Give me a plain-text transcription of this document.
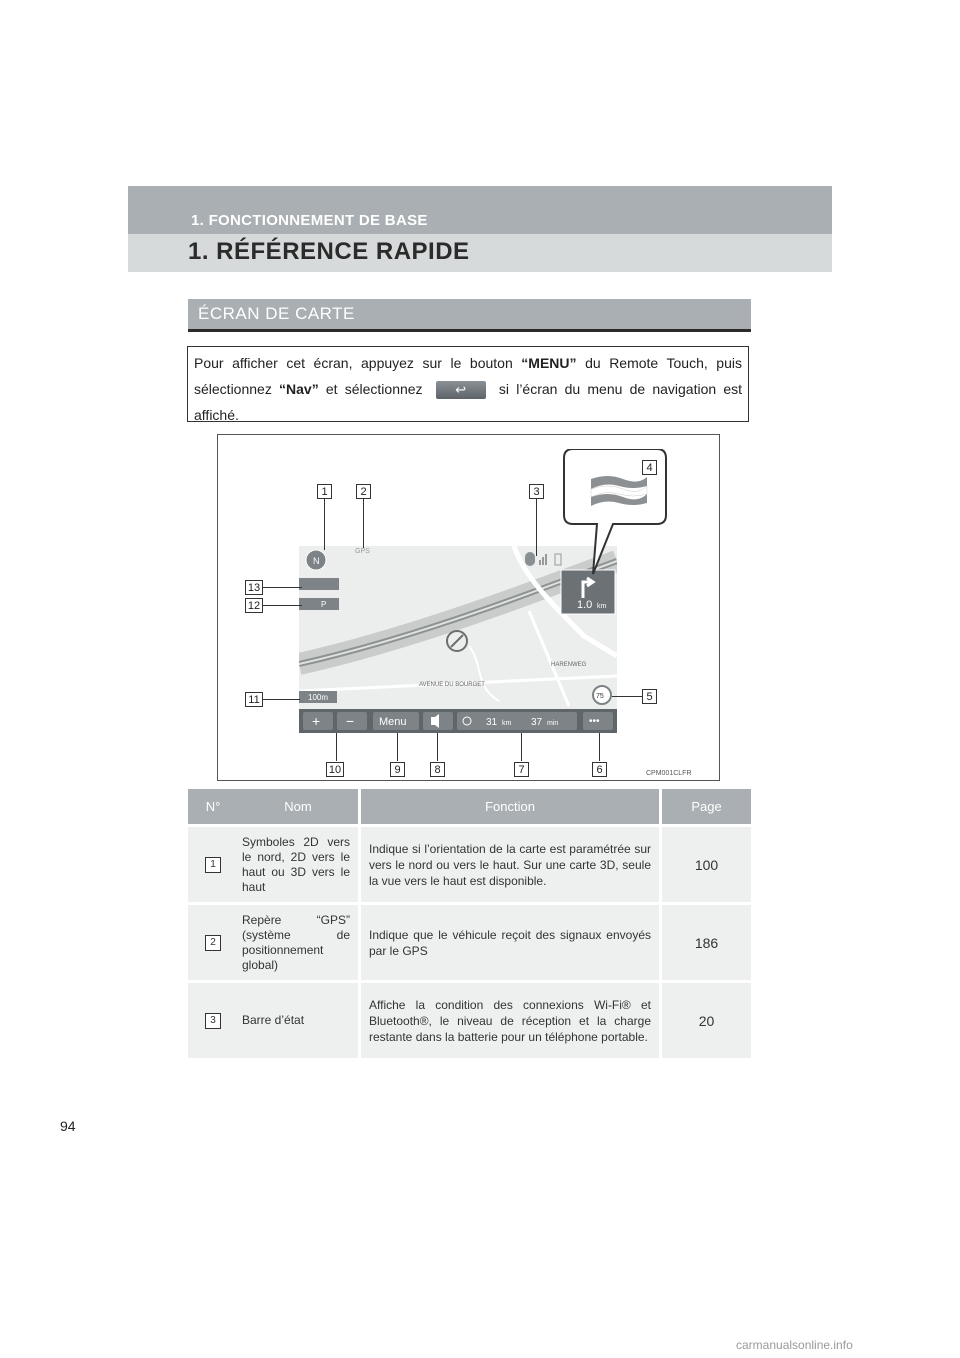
1. FONCTIONNEMENT DE BASE
1. RÉFÉRENCE RAPIDE
ÉCRAN DE CARTE
Pour afficher cet écran, appuyez sur le bouton “MENU” du Remote Touch, puis sélectionnez “Nav” et sélectionnez ↩ si l’écran du menu de navigation est affiché.
GPS
AVENUE DU BOURGET
HARENWEG
N
P	1.0 km
100m	75
+ − Menu	31 km 37 min	•••
1	2	3
4
5
6
7
8
9
10
11
12
13
CPM001CLFR
N°	Nom	Fonction	Page
1	Symboles 2D vers le nord, 2D vers le haut ou 3D vers le haut	Indique si l’orientation de la carte est paramétrée sur vers le nord ou vers le haut. Sur une carte 3D, seule la vue vers le haut est disponible.	100
2	Repère “GPS” (système de positionnement global)	Indique que le véhicule reçoit des signaux envoyés par le GPS	186
3	Barre d’état	Affiche la condition des connexions Wi-Fi® et Bluetooth®, le niveau de réception et la charge restante dans la batterie pour un téléphone portable.	20
94
carmanualsonline.info
